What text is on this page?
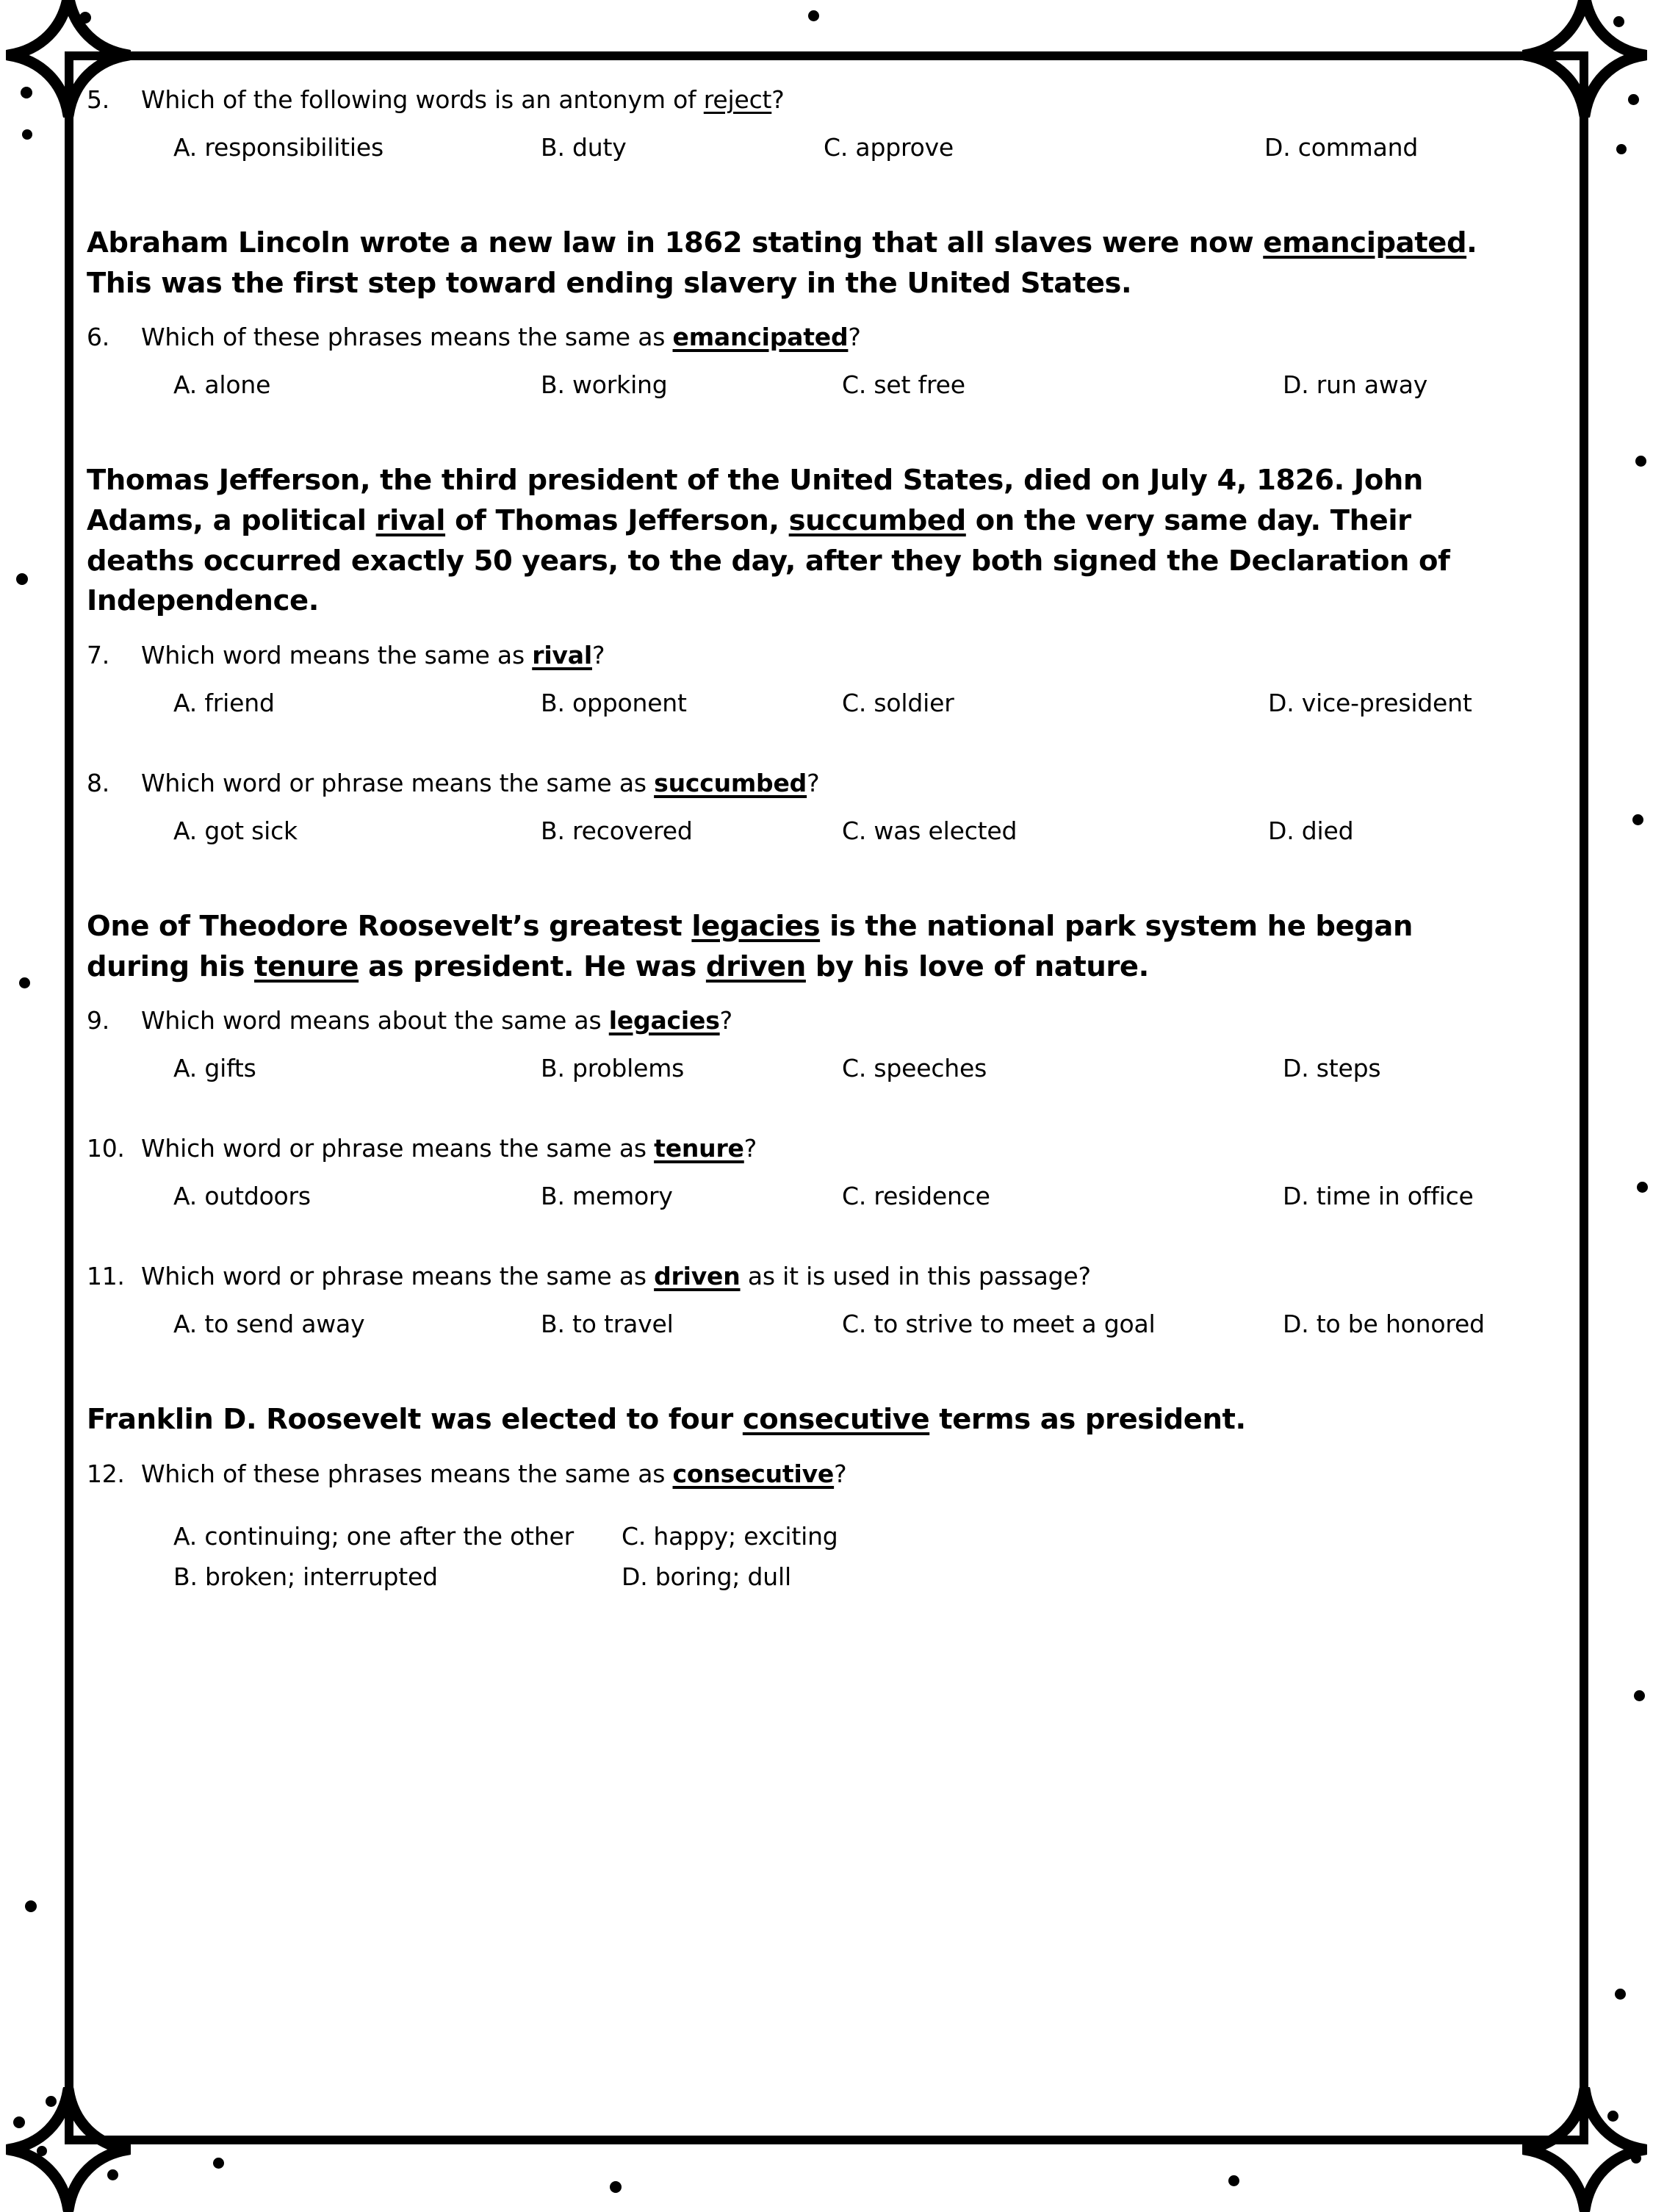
5.	Which of the following words is an antonym of reject?
A. responsibilities	B. duty	C. approve	D. command
Abraham Lincoln wrote a new law in 1862 stating that all slaves were now emancipated.
This was the first step toward ending slavery in the United States.
6.	Which of these phrases means the same as emancipated?
A. alone	B. working	C. set free	D. run away
Thomas Jefferson, the third president of the United States, died on July 4, 1826. John
Adams, a political rival of Thomas Jefferson, succumbed on the very same day. Their
deaths occurred exactly 50 years, to the day, after they both signed the Declaration of
Independence.
7.	Which word means the same as rival?
A. friend	B. opponent	C. soldier	D. vice-president
8.	Which word or phrase means the same as succumbed?
A. got sick	B. recovered	C. was elected	D. died
One of Theodore Roosevelt’s greatest legacies is the national park system he began
during his tenure as president. He was driven by his love of nature.
9.	Which word means about the same as legacies?
A. gifts	B. problems	C. speeches	D. steps
10. Which word or phrase means the same as tenure?
A. outdoors	B. memory	C. residence	D. time in office
11. Which word or phrase means the same as driven as it is used in this passage?
A. to send away	B. to travel	C. to strive to meet a goal	D. to be honored
Franklin D. Roosevelt was elected to four consecutive terms as president.
12. Which of these phrases means the same as consecutive?
A. continuing; one after the other	C. happy; exciting
B. broken; interrupted	D. boring; dull
